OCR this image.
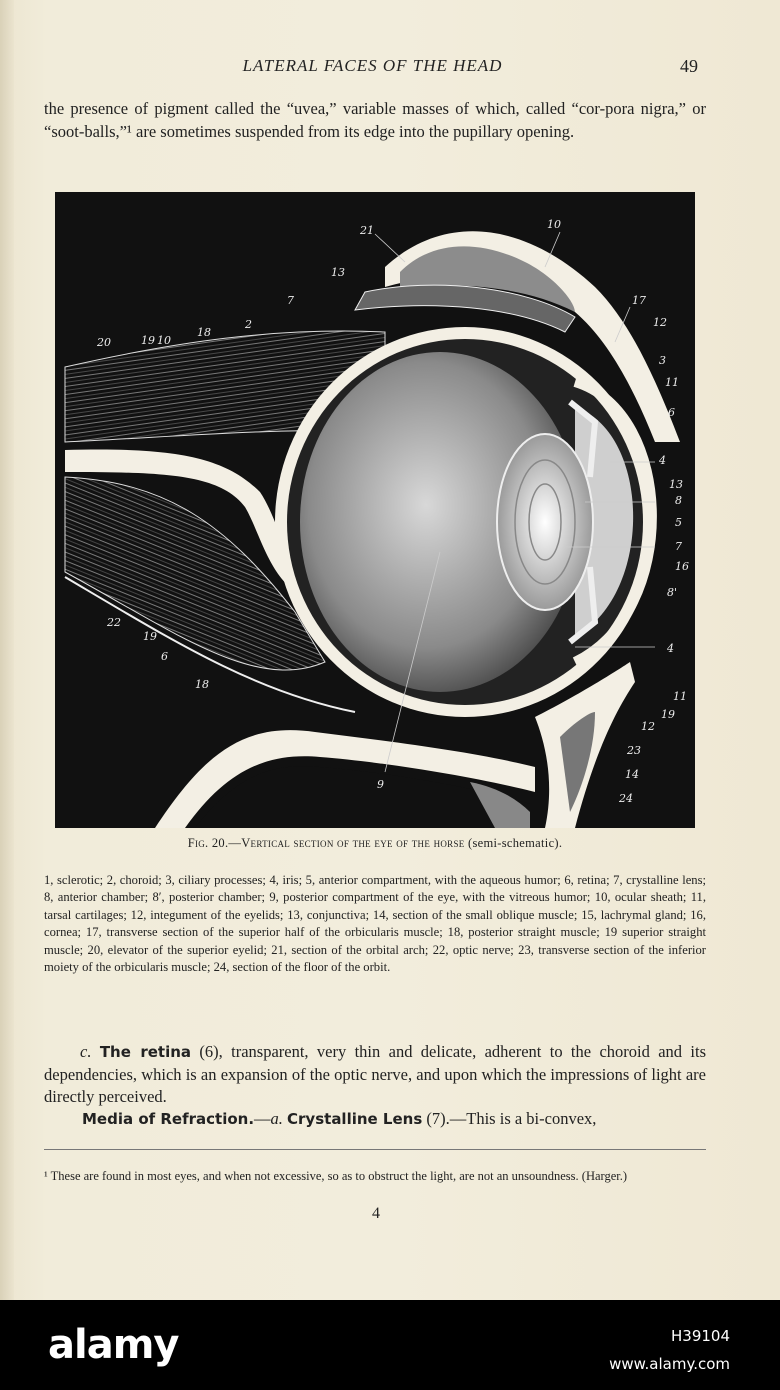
LATERAL FACES OF THE HEAD	49
the presence of pigment called the “uvea,” variable masses of which, called “cor-pora nigra,” or “soot-balls,”¹ are sometimes suspended from its edge into the pupillary opening.
21	10
13
7
2
17
12
20	19 10
18
3
11
6
4
13
8
5
7
16
22
19
6
18
4
11
19
12
23
14
24
9
8'
Fig. 20.—Vertical section of the eye of the horse (semi-schematic).
1, sclerotic; 2, choroid; 3, ciliary processes; 4, iris; 5, anterior compartment, with the aqueous humor; 6, retina; 7, crystalline lens; 8, anterior chamber; 8′, posterior chamber; 9, posterior compartment of the eye, with the vitreous humor; 10, ocular sheath; 11, tarsal cartilages; 12, integument of the eyelids; 13, conjunctiva; 14, section of the small oblique muscle; 15, lachrymal gland; 16, cornea; 17, transverse section of the superior half of the orbicularis muscle; 18, posterior straight muscle; 19 superior straight muscle; 20, elevator of the superior eyelid; 21, section of the orbital arch; 22, optic nerve; 23, transverse section of the inferior moiety of the orbicularis muscle; 24, section of the floor of the orbit.
c. The retina (6), transparent, very thin and delicate, adherent to the choroid and its dependencies, which is an expansion of the optic nerve, and upon which the impressions of light are directly perceived.
Media of Refraction.—a. Crystalline Lens (7).—This is a bi-convex,
¹ These are found in most eyes, and when not excessive, so as to obstruct the light, are not an unsoundness. (Harger.)
4
alamy	H39104
www.alamy.com
